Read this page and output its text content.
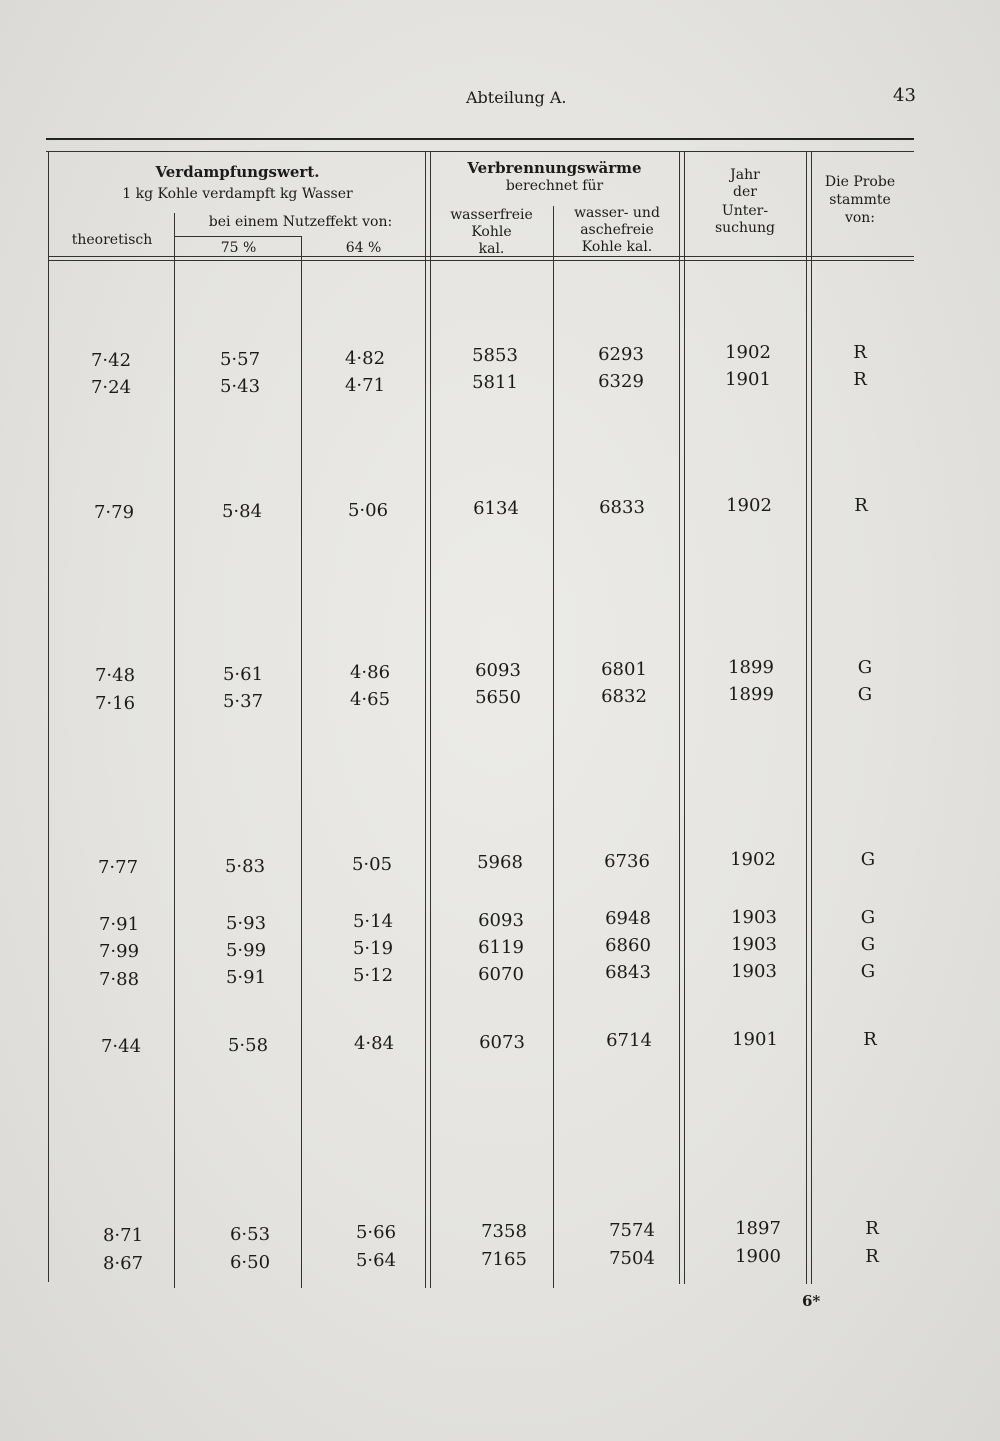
Abteilung A.	43
Verdampfungswert.
1 kg Kohle verdampft kg Wasser
theoretisch
bei einem Nutzeffekt von:
75 %	64 %
Verbrennungswärme
berechnet für
wasserfreie
Kohle
kal.
wasser- und
aschefreie
Kohle kal.
Jahr
der
Unter-
suchung
Die Probe
stammte
von:
7·42	5·57	4·82	5853	6293	1902	R
7·24	5·43	4·71	5811	6329	1901	R
7·79	5·84	5·06	6134	6833	1902	R
7·48	5·61	4·86	6093	6801	1899	G
7·16	5·37	4·65	5650	6832	1899	G
7·77	5·83	5·05	5968	6736	1902	G
7·91	5·93	5·14	6093	6948	1903	G
7·99	5·99	5·19	6119	6860	1903	G
7·88	5·91	5·12	6070	6843	1903	G
7·44	5·58	4·84	6073	6714	1901	R
8·71	6·53	5·66	7358	7574	1897	R
8·67	6·50	5·64	7165	7504	1900	R
6*
